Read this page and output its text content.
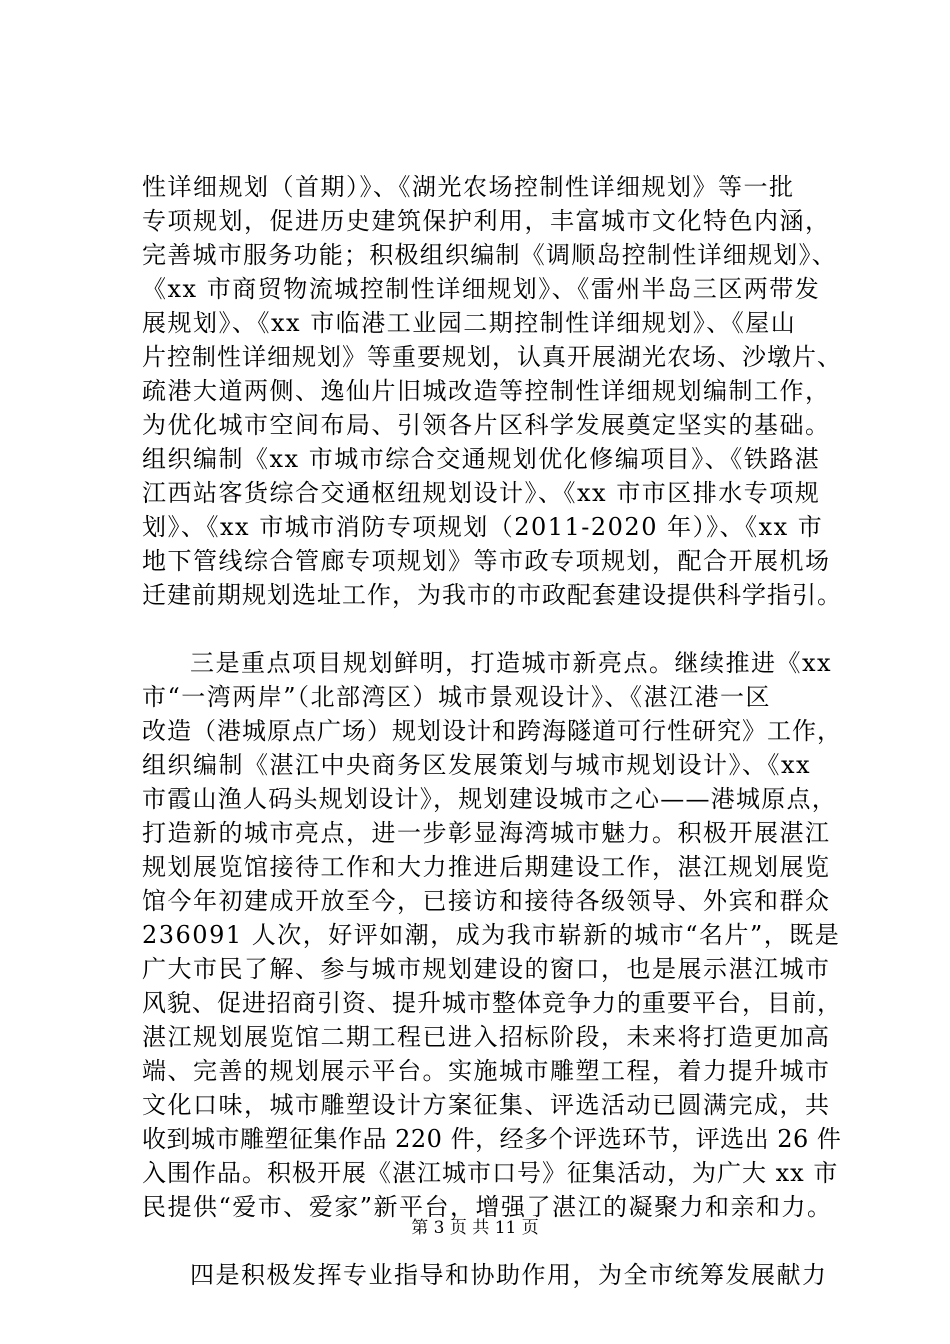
性详细规划（首期）》、《湖光农场控制性详细规划》等一批
专项规划，促进历史建筑保护利用，丰富城市文化特色内涵，
完善城市服务功能；积极组织编制《调顺岛控制性详细规划》、
《xx 市商贸物流城控制性详细规划》、《雷州半岛三区两带发
展规划》、《xx 市临港工业园二期控制性详细规划》、《屋山
片控制性详细规划》等重要规划，认真开展湖光农场、沙墩片、
疏港大道两侧、逸仙片旧城改造等控制性详细规划编制工作，
为优化城市空间布局、引领各片区科学发展奠定坚实的基础。
组织编制《xx 市城市综合交通规划优化修编项目》、《铁路湛
江西站客货综合交通枢纽规划设计》、《xx 市市区排水专项规
划》、《xx 市城市消防专项规划（2011-2020 年）》、《xx 市
地下管线综合管廊专项规划》等市政专项规划，配合开展机场
迁建前期规划选址工作，为我市的市政配套建设提供科学指引。

三是重点项目规划鲜明，打造城市新亮点。继续推进《xx
市“一湾两岸”（北部湾区）城市景观设计》、《湛江港一区
改造（港城原点广场）规划设计和跨海隧道可行性研究》工作，
组织编制《湛江中央商务区发展策划与城市规划设计》、《xx
市霞山渔人码头规划设计》，规划建设城市之心——港城原点，
打造新的城市亮点，进一步彰显海湾城市魅力。积极开展湛江
规划展览馆接待工作和大力推进后期建设工作，湛江规划展览
馆今年初建成开放至今，已接访和接待各级领导、外宾和群众
236091 人次，好评如潮，成为我市崭新的城市“名片”，既是
广大市民了解、参与城市规划建设的窗口，也是展示湛江城市
风貌、促进招商引资、提升城市整体竞争力的重要平台，目前，
湛江规划展览馆二期工程已进入招标阶段，未来将打造更加高
端、完善的规划展示平台。实施城市雕塑工程，着力提升城市
文化口味，城市雕塑设计方案征集、评选活动已圆满完成，共
收到城市雕塑征集作品 220 件，经多个评选环节，评选出 26 件
入围作品。积极开展《湛江城市口号》征集活动，为广大 xx 市
民提供“爱市、爱家”新平台，增强了湛江的凝聚力和亲和力。

四是积极发挥专业指导和协助作用，为全市统筹发展献力

第 3 页 共 11 页
